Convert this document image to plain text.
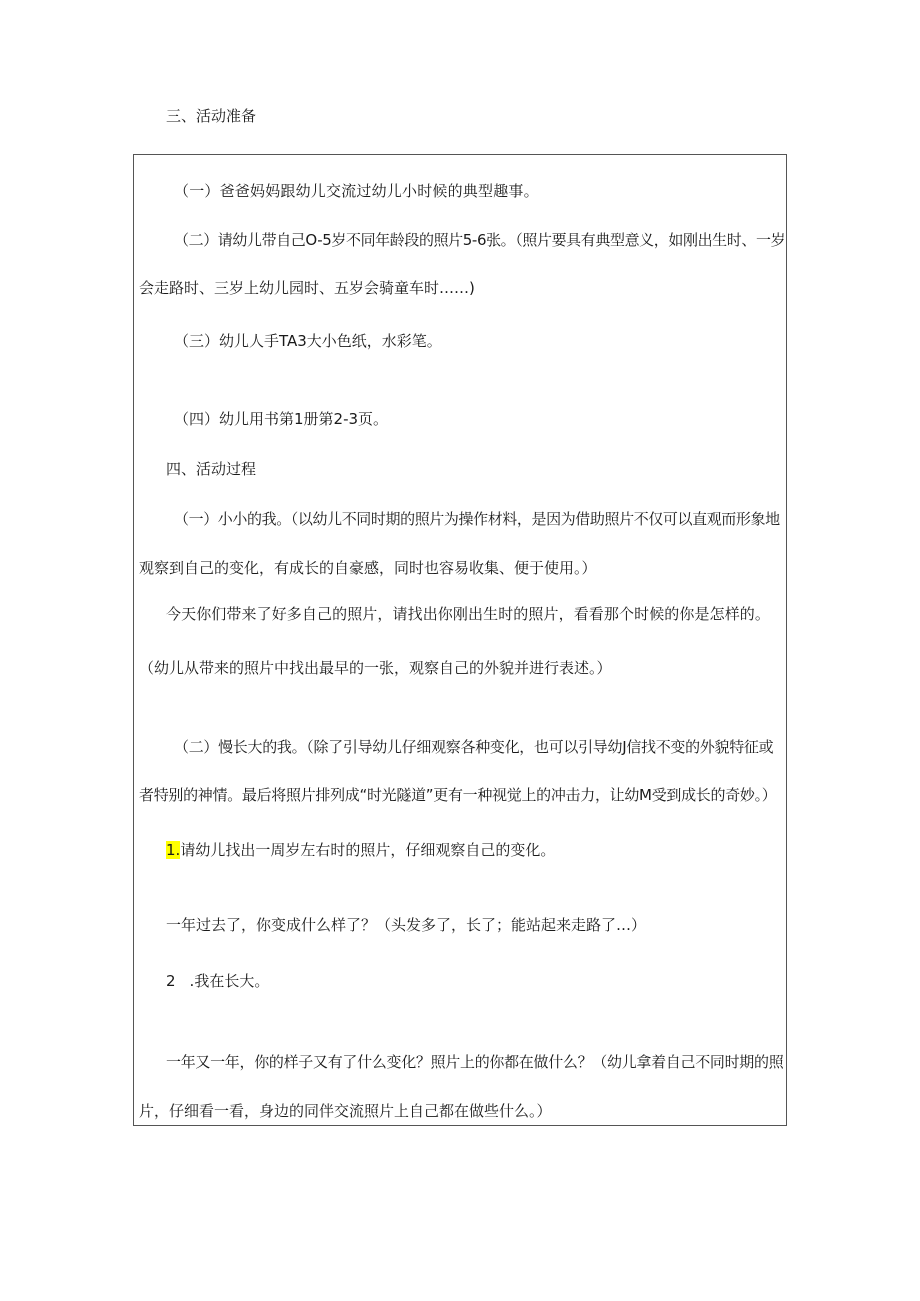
三、活动准备
（一）爸爸妈妈跟幼儿交流过幼儿小时候的典型趣事。
（二）请幼儿带自己O-5岁不同年龄段的照片5-6张。（照片要具有典型意义，如刚出生时、一岁
会走路时、三岁上幼儿园时、五岁会骑童车时……)
（三）幼儿人手TA3大小色纸，水彩笔。
（四）幼儿用书第1册第2-3页。
四、活动过程
（一）小小的我。（以幼儿不同时期的照片为操作材料，是因为借助照片不仅可以直观而形象地
观察到自己的变化，有成长的自豪感，同时也容易收集、便于使用。）
今天你们带来了好多自己的照片，请找出你刚出生时的照片，看看那个时候的你是怎样的。
（幼儿从带来的照片中找出最早的一张，观察自己的外貌并进行表述。）
（二）慢长大的我。（除了引导幼儿仔细观察各种变化，也可以引导幼J信找不变的外貌特征或
者特别的神情。最后将照片排列成“时光隧道”更有一种视觉上的冲击力，让幼M受到成长的奇妙。）
1.请幼儿找出一周岁左右时的照片，仔细观察自己的变化。
一年过去了，你变成什么样了？（头发多了，长了；能站起来走路了…）
2 .我在长大。
一年又一年，你的样子又有了什么变化？照片上的你都在做什么？（幼儿拿着自己不同时期的照
片，仔细看一看，身边的同伴交流照片上自己都在做些什么。）
